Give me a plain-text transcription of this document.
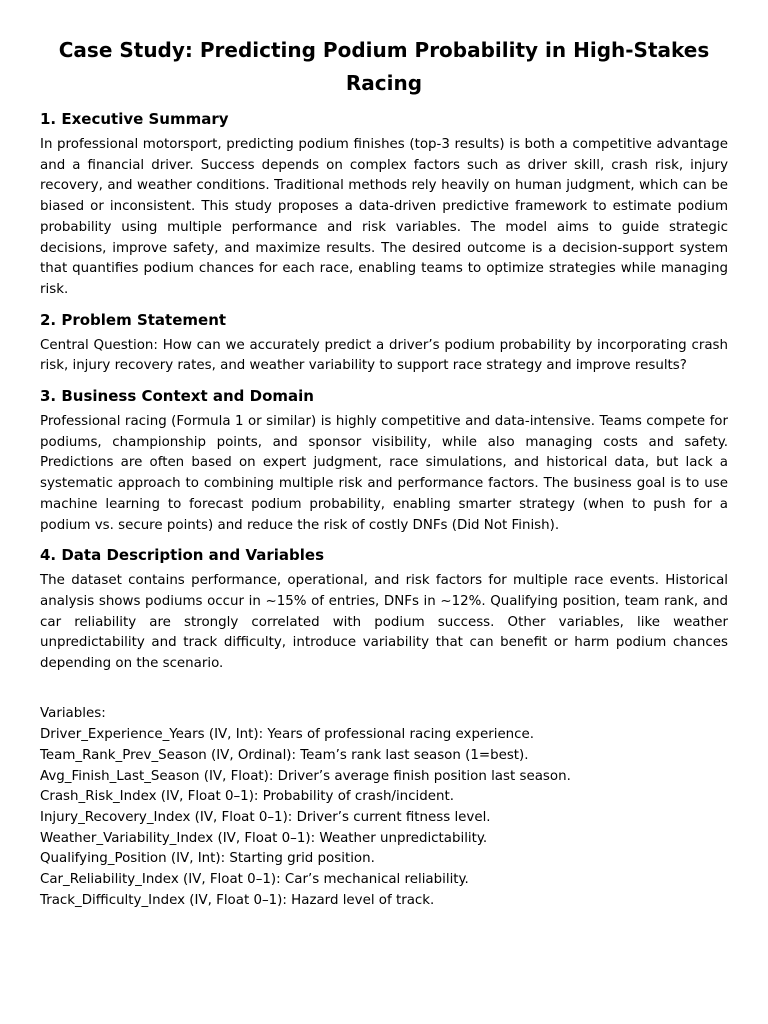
Case Study: Predicting Podium Probability in High-Stakes Racing
1. Executive Summary

In professional motorsport, predicting podium finishes (top-3 results) is both a competitive advantage and a financial driver. Success depends on complex factors such as driver skill, crash risk, injury recovery, and weather conditions. Traditional methods rely heavily on human judgment, which can be biased or inconsistent. This study proposes a data-driven predictive framework to estimate podium probability using multiple performance and risk variables. The model aims to guide strategic decisions, improve safety, and maximize results. The desired outcome is a decision-support system that quantifies podium chances for each race, enabling teams to optimize strategies while managing risk.

2. Problem Statement

Central Question: How can we accurately predict a driver’s podium probability by incorporating crash risk, injury recovery rates, and weather variability to support race strategy and improve results?

3. Business Context and Domain

Professional racing (Formula 1 or similar) is highly competitive and data-intensive. Teams compete for podiums, championship points, and sponsor visibility, while also managing costs and safety. Predictions are often based on expert judgment, race simulations, and historical data, but lack a systematic approach to combining multiple risk and performance factors. The business goal is to use machine learning to forecast podium probability, enabling smarter strategy (when to push for a podium vs. secure points) and reduce the risk of costly DNFs (Did Not Finish).

4. Data Description and Variables

The dataset contains performance, operational, and risk factors for multiple race events. Historical analysis shows podiums occur in ~15% of entries, DNFs in ~12%. Qualifying position, team rank, and car reliability are strongly correlated with podium success. Other variables, like weather unpredictability and track difficulty, introduce variability that can benefit or harm podium chances depending on the scenario.

Variables:
Driver_Experience_Years (IV, Int): Years of professional racing experience.
Team_Rank_Prev_Season (IV, Ordinal): Team’s rank last season (1=best).
Avg_Finish_Last_Season (IV, Float): Driver’s average finish position last season.
Crash_Risk_Index (IV, Float 0–1): Probability of crash/incident.
Injury_Recovery_Index (IV, Float 0–1): Driver’s current fitness level.
Weather_Variability_Index (IV, Float 0–1): Weather unpredictability.
Qualifying_Position (IV, Int): Starting grid position.
Car_Reliability_Index (IV, Float 0–1): Car’s mechanical reliability.
Track_Difficulty_Index (IV, Float 0–1): Hazard level of track.
